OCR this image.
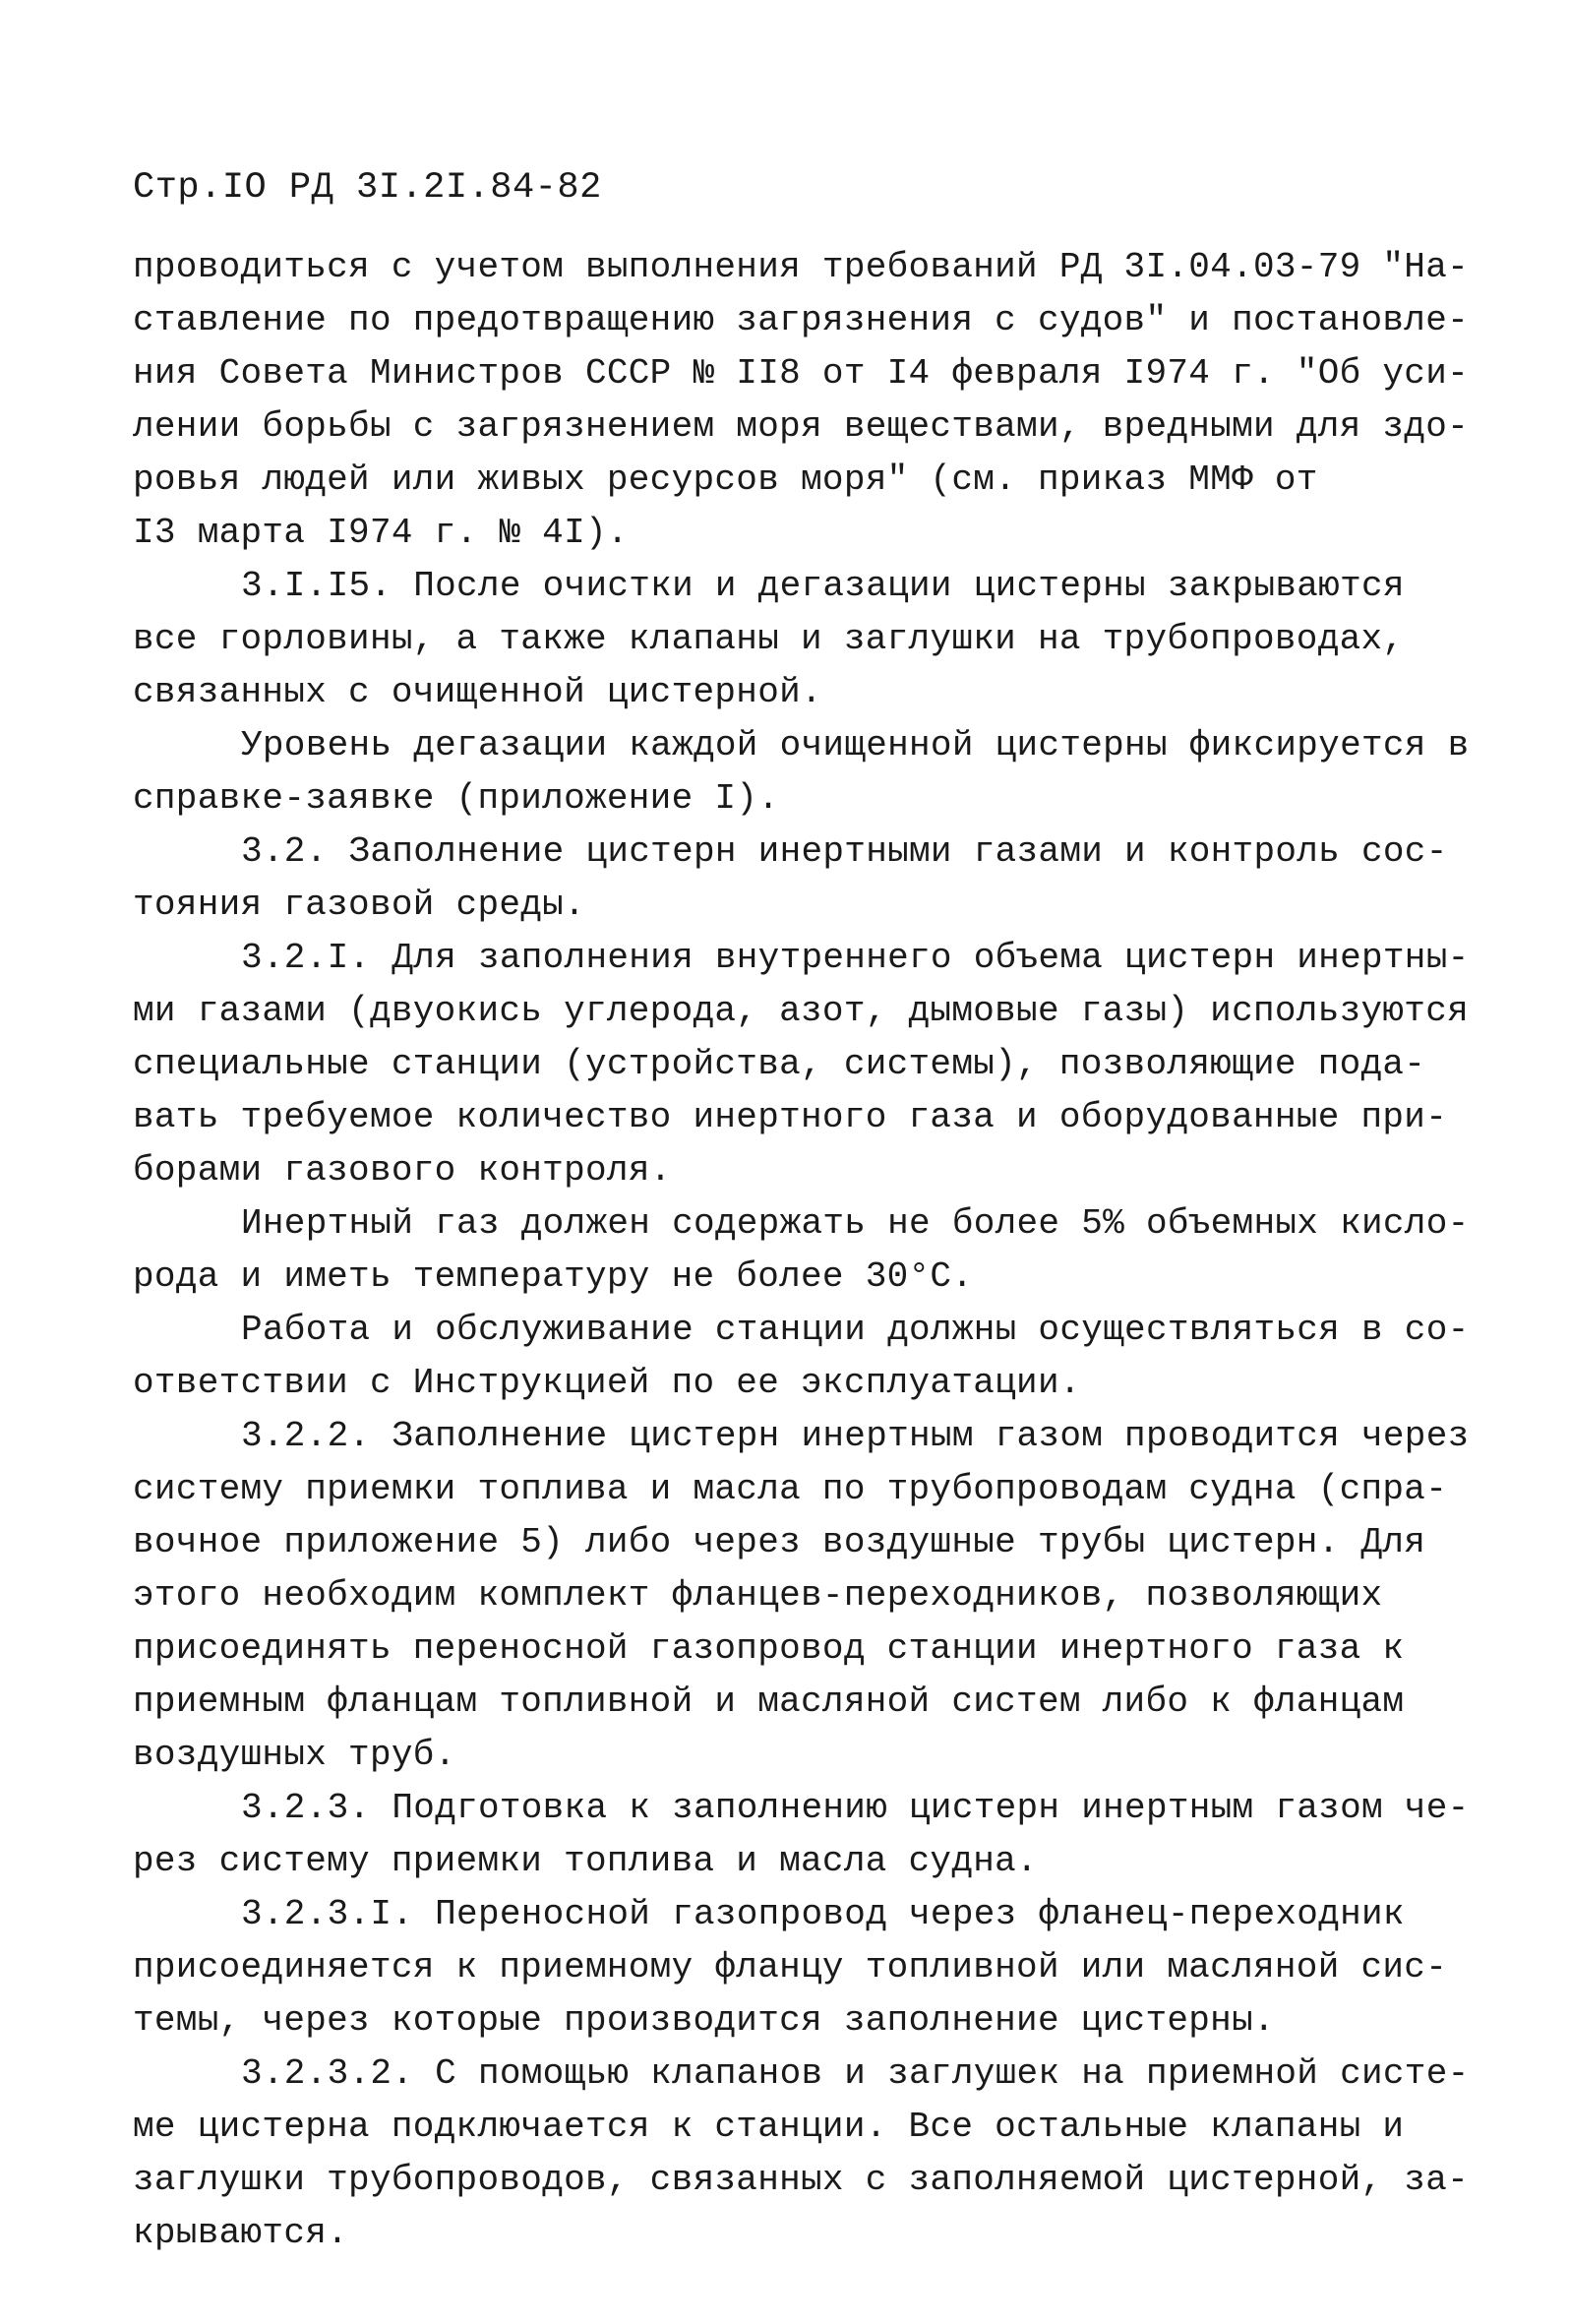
Стр.IO РД 3I.2I.84-82
проводиться с учетом выполнения требований РД 3I.04.03-79 "На-
ставление по предотвращению загрязнения с судов" и постановле-
ния Совета Министров СССР № II8 от I4 февраля I974 г. "Об уси-
лении борьбы с загрязнением моря веществами, вредными для здо-
ровья людей или живых ресурсов моря" (см. приказ ММФ от
I3 марта I974 г. № 4I).
3.I.I5. После очистки и дегазации цистерны закрываются
все горловины, а также клапаны и заглушки на трубопроводах,
связанных с очищенной цистерной.
Уровень дегазации каждой очищенной цистерны фиксируется в
справке-заявке (приложение I).
3.2. Заполнение цистерн инертными газами и контроль сос-
тояния газовой среды.
3.2.I. Для заполнения внутреннего объема цистерн инертны-
ми газами (двуокись углерода, азот, дымовые газы) используются
специальные станции (устройства, системы), позволяющие пода-
вать требуемое количество инертного газа и оборудованные при-
борами газового контроля.
Инертный газ должен содержать не более 5% объемных кисло-
рода и иметь температуру не более 30°С.
Работа и обслуживание станции должны осуществляться в со-
ответствии с Инструкцией по ее эксплуатации.
3.2.2. Заполнение цистерн инертным газом проводится через
систему приемки топлива и масла по трубопроводам судна (спра-
вочное приложение 5) либо через воздушные трубы цистерн. Для
этого необходим комплект фланцев-переходников, позволяющих
присоединять переносной газопровод станции инертного газа к
приемным фланцам топливной и масляной систем либо к фланцам
воздушных труб.
3.2.3. Подготовка к заполнению цистерн инертным газом че-
рез систему приемки топлива и масла судна.
3.2.3.I. Переносной газопровод через фланец-переходник
присоединяется к приемному фланцу топливной или масляной сис-
темы, через которые производится заполнение цистерны.
3.2.3.2. С помощью клапанов и заглушек на приемной систе-
ме цистерна подключается к станции. Все остальные клапаны и
заглушки трубопроводов, связанных с заполняемой цистерной, за-
крываются.
